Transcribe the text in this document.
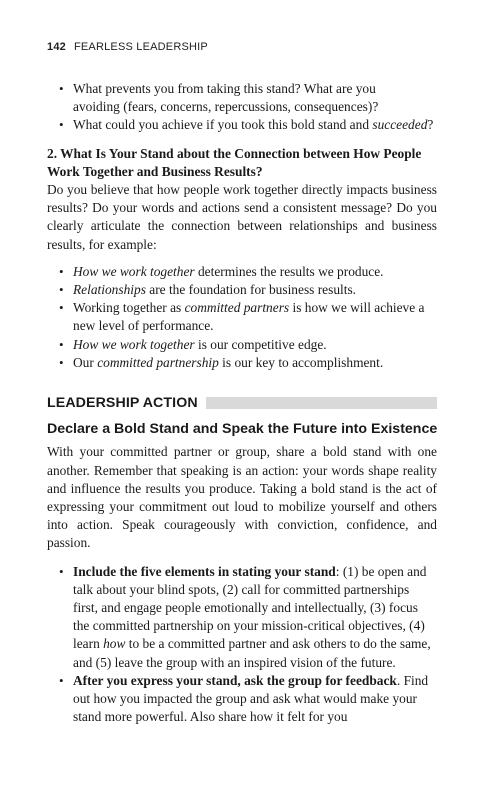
142 FEARLESS LEADERSHIP
• What prevents you from taking this stand? What are you
avoiding (fears, concerns, repercussions, consequences)?
• What could you achieve if you took this bold stand and succeeded?
2. What Is Your Stand about the Connection between How People
Work Together and Business Results?
Do you believe that how people work together directly impacts business results? Do your words and actions send a consistent message? Do you clearly articulate the connection between relationships and business results, for example:
• How we work together determines the results we produce.
• Relationships are the foundation for business results.
• Working together as committed partners is how we will achieve a new level of performance.
• How we work together is our competitive edge.
• Our committed partnership is our key to accomplishment.
LEADERSHIP ACTION
Declare a Bold Stand and Speak the Future into Existence
With your committed partner or group, share a bold stand with one another. Remember that speaking is an action: your words shape reality and influence the results you produce. Taking a bold stand is the act of expressing your commitment out loud to mobilize yourself and others into action. Speak courageously with conviction, confidence, and passion.
• Include the five elements in stating your stand: (1) be open and talk about your blind spots, (2) call for committed partnerships first, and engage people emotionally and intellectually, (3) focus the committed partnership on your mission-critical objectives, (4) learn how to be a committed partner and ask others to do the same, and (5) leave the group with an inspired vision of the future.
• After you express your stand, ask the group for feedback. Find out how you impacted the group and ask what would make your stand more powerful. Also share how it felt for you
